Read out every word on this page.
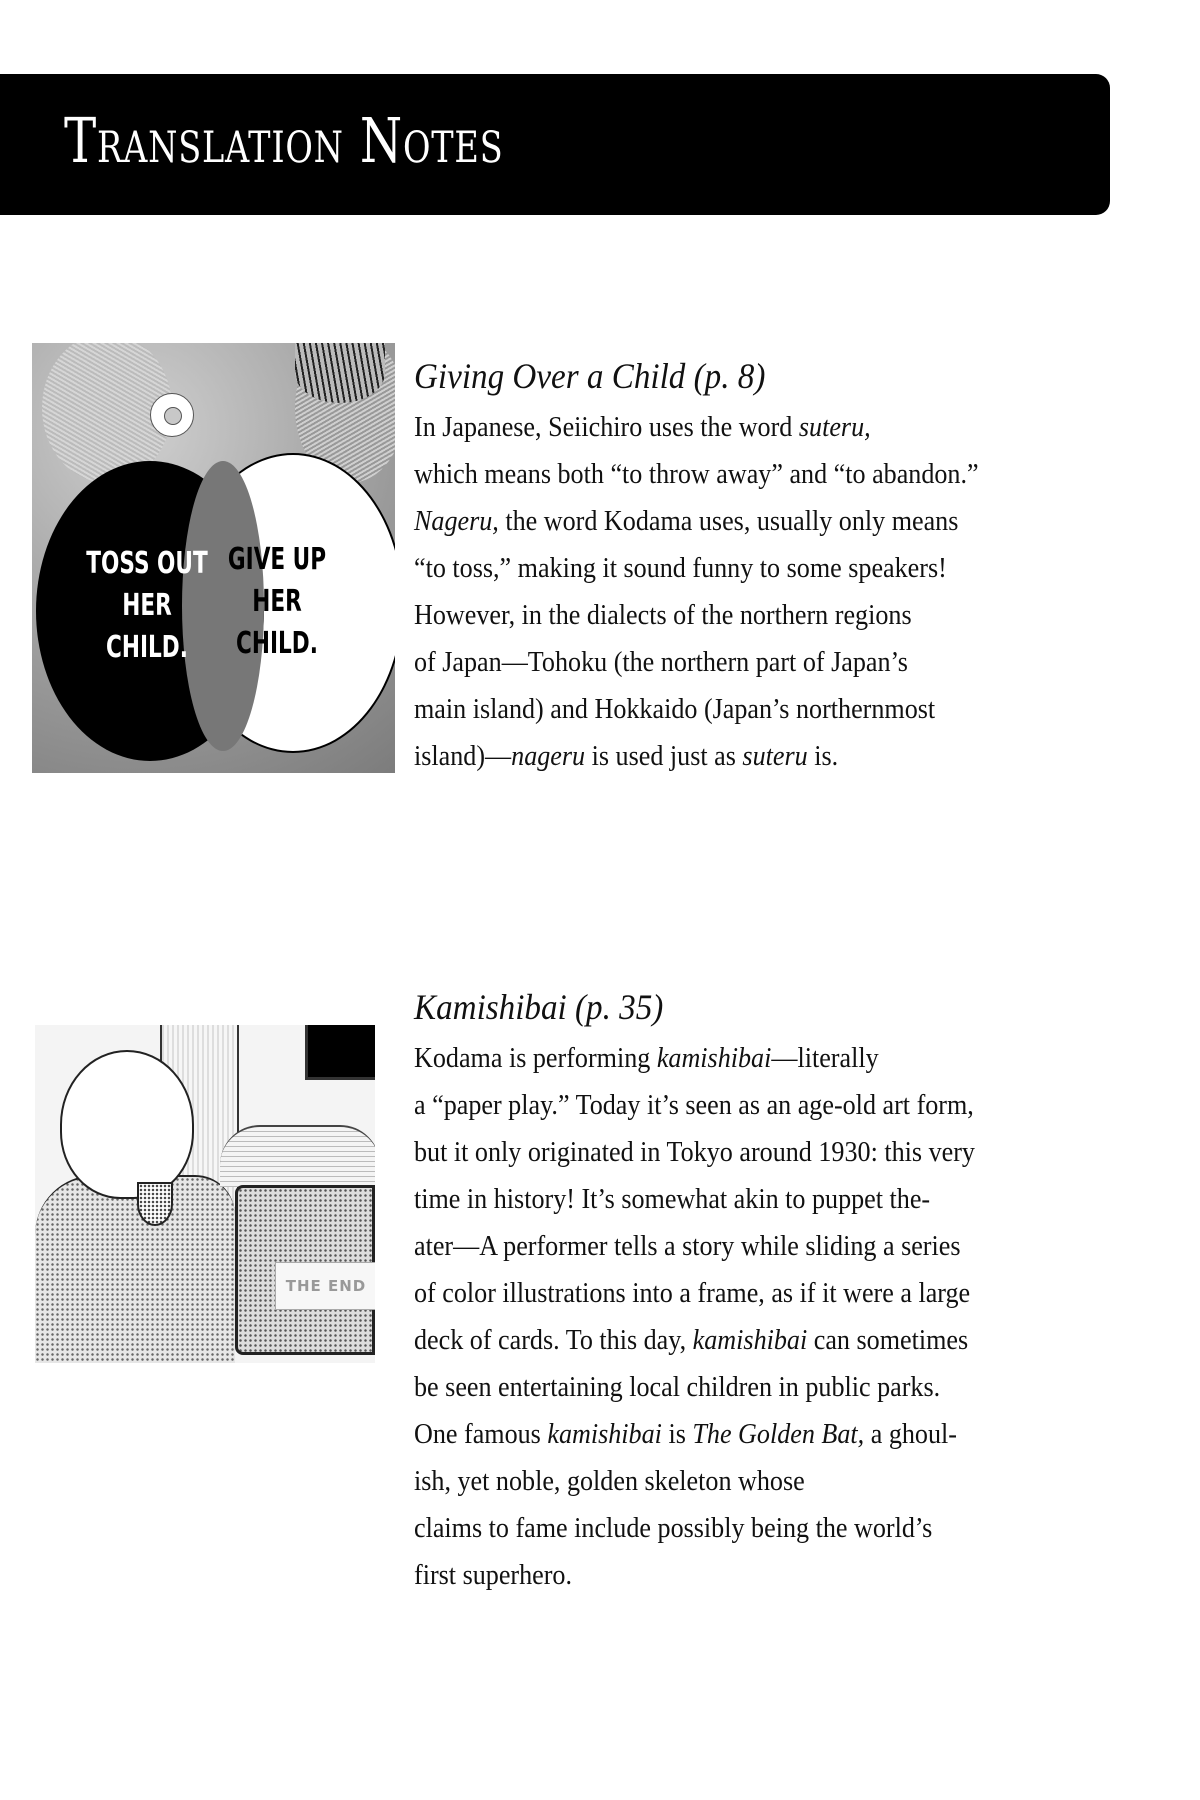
Translation Notes
TOSS OUT HER CHILD.
GIVE UP HER CHILD.
THE END
Giving Over a Child (p. 8)

In Japanese, Seiichiro uses the word suteru,
which means both “to throw away” and “to abandon.”
Nageru, the word Kodama uses, usually only means
“to toss,” making it sound funny to some speakers!
However, in the dialects of the northern regions
of Japan—Tohoku (the northern part of Japan’s
main island) and Hokkaido (Japan’s northernmost
island)—nageru is used just as suteru is.

Kamishibai (p. 35)

Kodama is performing kamishibai—literally
a “paper play.” Today it’s seen as an age-old art form,
but it only originated in Tokyo around 1930: this very
time in history! It’s somewhat akin to puppet the-
ater—A performer tells a story while sliding a series
of color illustrations into a frame, as if it were a large
deck of cards. To this day, kamishibai can sometimes
be seen entertaining local children in public parks.
One famous kamishibai is The Golden Bat, a ghoul-
ish, yet noble, golden skeleton whose
claims to fame include possibly being the world’s
first superhero.
